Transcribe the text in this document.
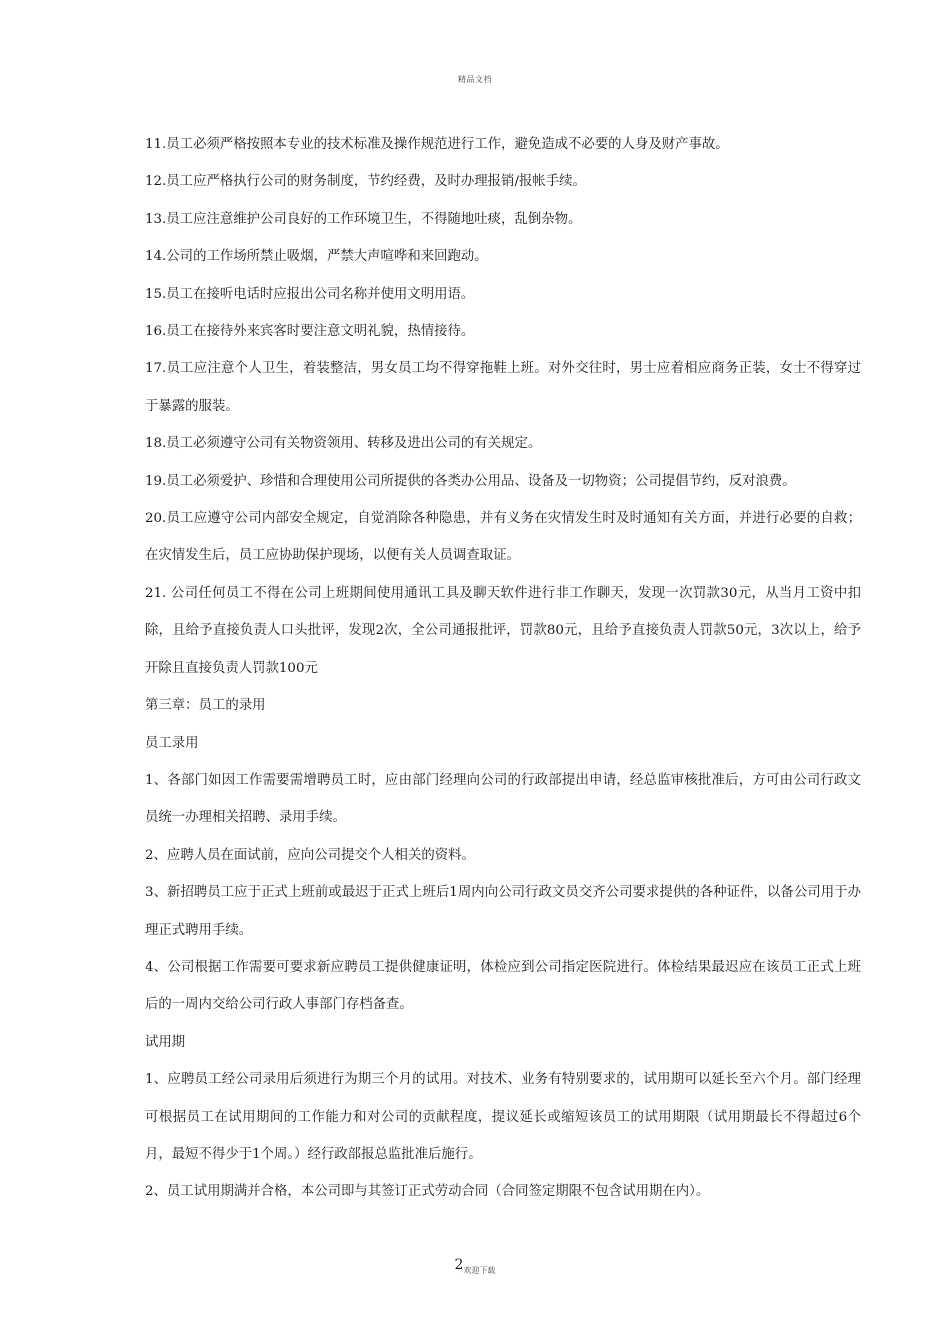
精品文档

11.员工必须严格按照本专业的技术标准及操作规范进行工作，避免造成不必要的人身及财产事故。

12.员工应严格执行公司的财务制度，节约经费，及时办理报销/报帐手续。

13.员工应注意维护公司良好的工作环境卫生，不得随地吐痰，乱倒杂物。

14.公司的工作场所禁止吸烟，严禁大声喧哗和来回跑动。

15.员工在接听电话时应报出公司名称并使用文明用语。

16.员工在接待外来宾客时要注意文明礼貌，热情接待。

17.员工应注意个人卫生，着装整洁，男女员工均不得穿拖鞋上班。对外交往时，男士应着相应商务正装，女士不得穿过于暴露的服装。

18.员工必须遵守公司有关物资领用、转移及进出公司的有关规定。

19.员工必须爱护、珍惜和合理使用公司所提供的各类办公用品、设备及一切物资；公司提倡节约，反对浪费。

20.员工应遵守公司内部安全规定，自觉消除各种隐患，并有义务在灾情发生时及时通知有关方面，并进行必要的自救；在灾情发生后，员工应协助保护现场，以便有关人员调查取证。

21. 公司任何员工不得在公司上班期间使用通讯工具及聊天软件进行非工作聊天，发现一次罚款30元，从当月工资中扣除，且给予直接负责人口头批评，发现2次，全公司通报批评，罚款80元，且给予直接负责人罚款50元，3次以上，给予开除且直接负责人罚款100元

第三章：员工的录用

员工录用

1、各部门如因工作需要需增聘员工时，应由部门经理向公司的行政部提出申请，经总监审核批准后，方可由公司行政文员统一办理相关招聘、录用手续。

2、应聘人员在面试前，应向公司提交个人相关的资料。

3、新招聘员工应于正式上班前或最迟于正式上班后1周内向公司行政文员交齐公司要求提供的各种证件，以备公司用于办理正式聘用手续。

4、公司根据工作需要可要求新应聘员工提供健康证明，体检应到公司指定医院进行。体检结果最迟应在该员工正式上班后的一周内交给公司行政人事部门存档备查。

试用期

1、应聘员工经公司录用后须进行为期三个月的试用。对技术、业务有特别要求的，试用期可以延长至六个月。部门经理可根据员工在试用期间的工作能力和对公司的贡献程度，提议延长或缩短该员工的试用期限（试用期最长不得超过6个月，最短不得少于1个周。）经行政部报总监批准后施行。

2、员工试用期满并合格，本公司即与其签订正式劳动合同（合同签定期限不包含试用期在内）。

$2_{欢迎下载}$
